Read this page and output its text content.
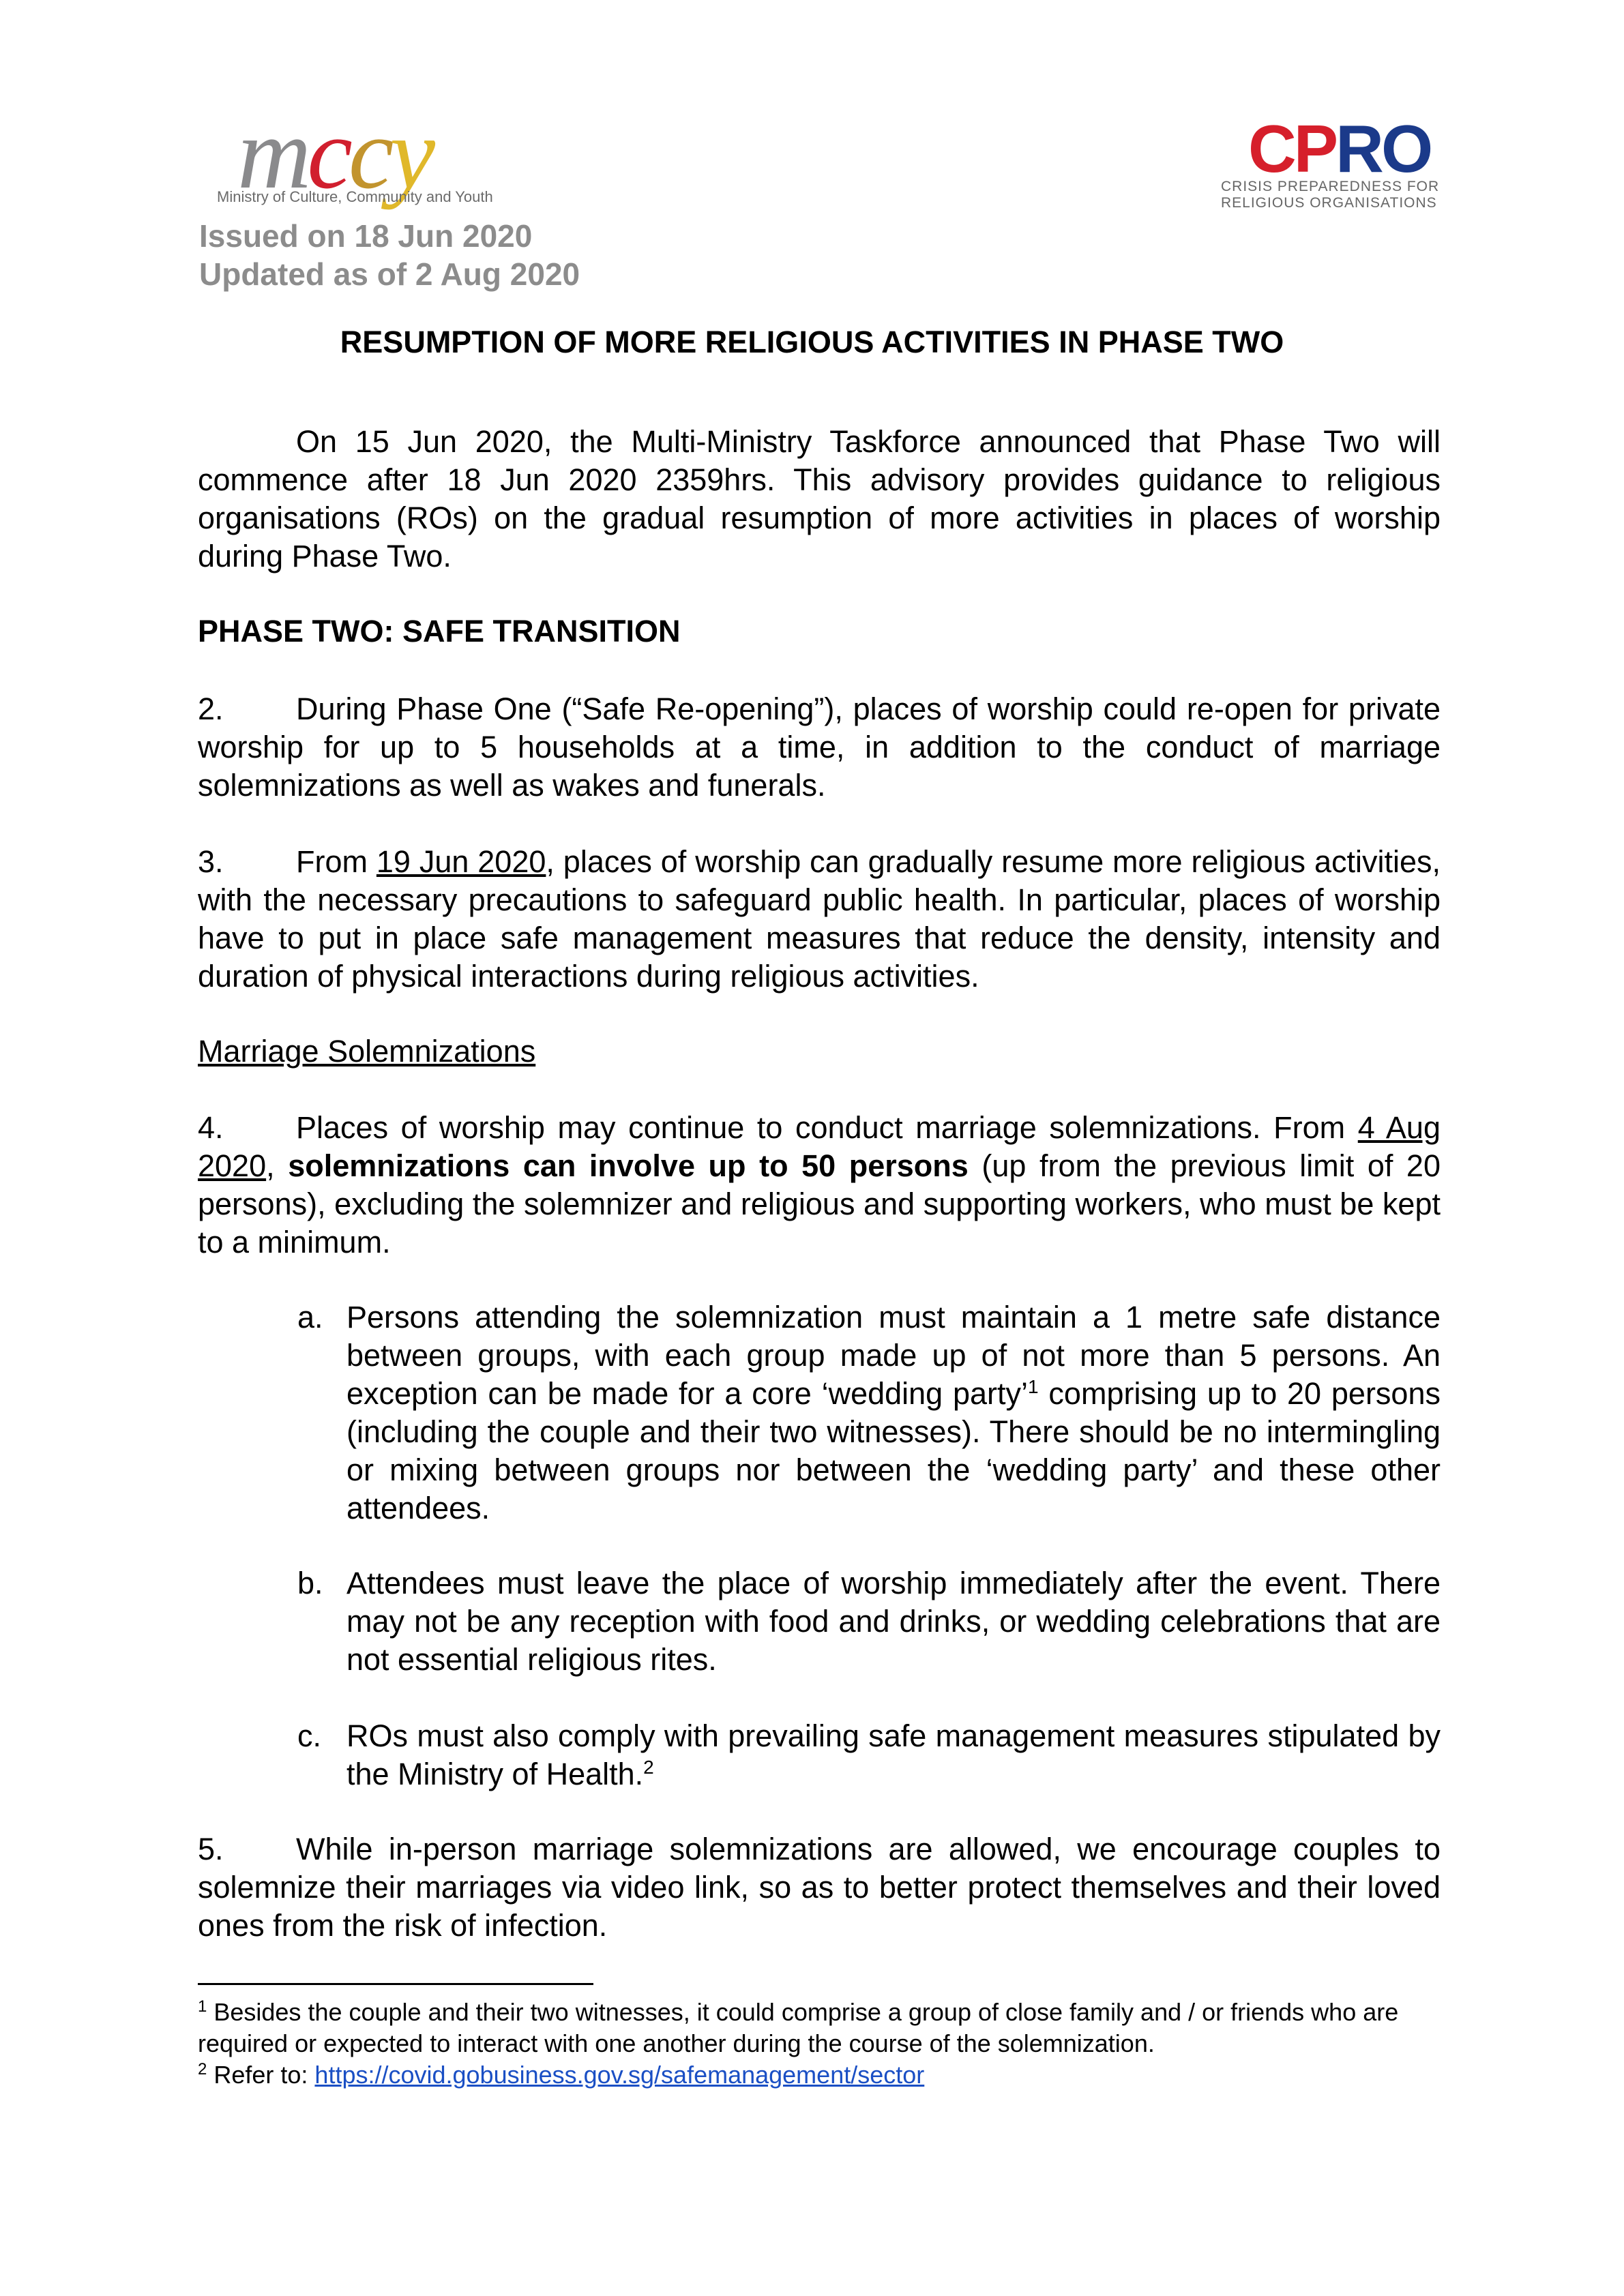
mccy
Ministry of Culture, Community and Youth
Issued on 18 Jun 2020
Updated as of 2 Aug 2020
CPRO
CRISIS PREPAREDNESS FOR
RELIGIOUS ORGANISATIONS
RESUMPTION OF MORE RELIGIOUS ACTIVITIES IN PHASE TWO

On 15 Jun 2020, the Multi-Ministry Taskforce announced that Phase Two will commence after 18 Jun 2020 2359hrs. This advisory provides guidance to religious organisations (ROs) on the gradual resumption of more activities in places of worship during Phase Two.

PHASE TWO: SAFE TRANSITION

2. During Phase One (“Safe Re-opening”), places of worship could re-open for private worship for up to 5 households at a time, in addition to the conduct of marriage solemnizations as well as wakes and funerals.

3. From 19 Jun 2020, places of worship can gradually resume more religious activities, with the necessary precautions to safeguard public health. In particular, places of worship have to put in place safe management measures that reduce the density, intensity and duration of physical interactions during religious activities.

Marriage Solemnizations

4. Places of worship may continue to conduct marriage solemnizations. From 4 Aug 2020, solemnizations can involve up to 50 persons (up from the previous limit of 20 persons), excluding the solemnizer and religious and supporting workers, who must be kept to a minimum.

a. Persons attending the solemnization must maintain a 1 metre safe distance between groups, with each group made up of not more than 5 persons. An exception can be made for a core ‘wedding party’$^1$ comprising up to 20 persons (including the couple and their two witnesses). There should be no intermingling or mixing between groups nor between the ‘wedding party’ and these other attendees.
b. Attendees must leave the place of worship immediately after the event. There may not be any reception with food and drinks, or wedding celebrations that are not essential religious rites.
c. ROs must also comply with prevailing safe management measures stipulated by the Ministry of Health.$^2$

5. While in-person marriage solemnizations are allowed, we encourage couples to solemnize their marriages via video link, so as to better protect themselves and their loved ones from the risk of infection.

$^1$ Besides the couple and their two witnesses, it could comprise a group of close family and / or friends who are required or expected to interact with one another during the course of the solemnization.

$^2$ Refer to: https://covid.gobusiness.gov.sg/safemanagement/sector
